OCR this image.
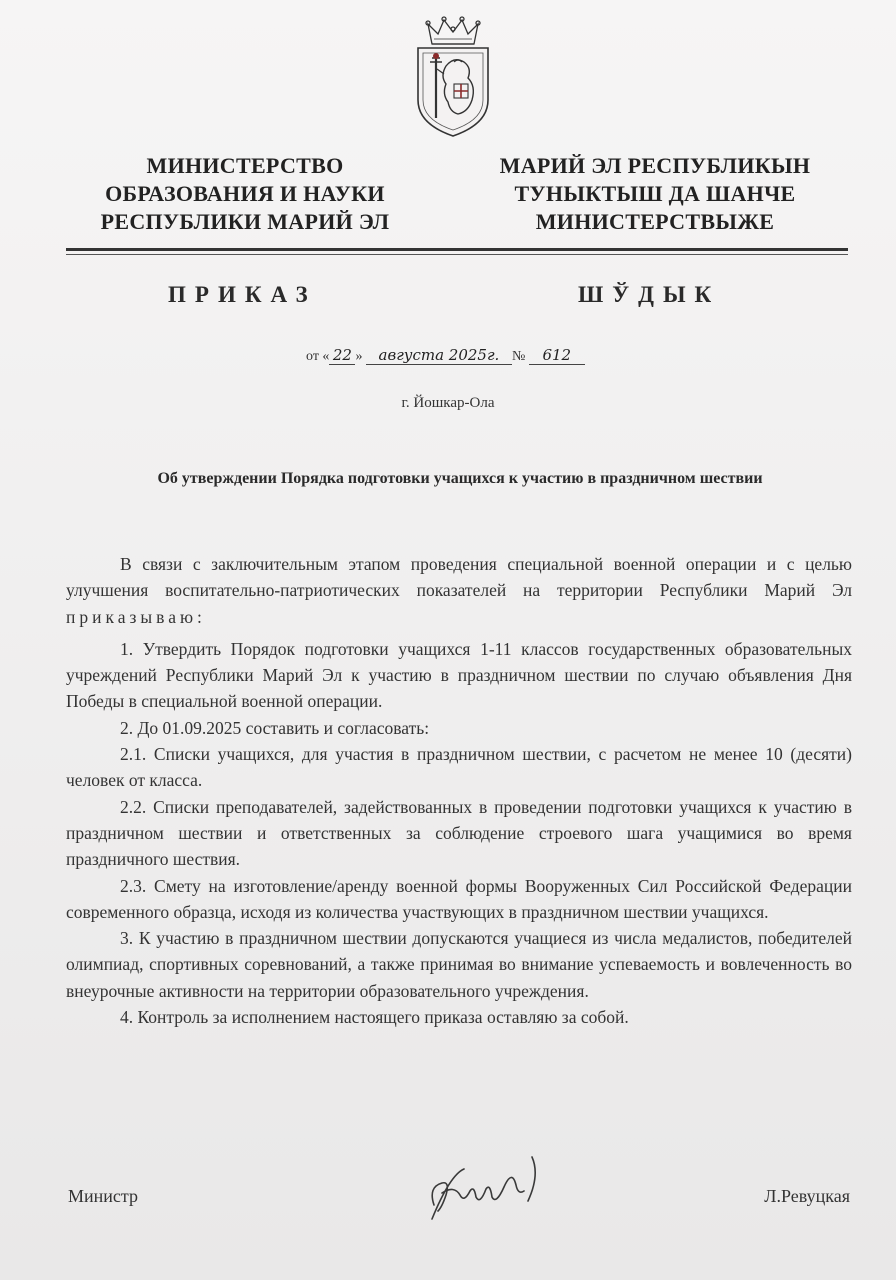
МИНИСТЕРСТВО
ОБРАЗОВАНИЯ И НАУКИ
РЕСПУБЛИКИ МАРИЙ ЭЛ
МАРИЙ ЭЛ РЕСПУБЛИКЫН
ТУНЫКТЫШ ДА ШАНЧЕ
МИНИСТЕРСТВЫЖЕ
ПРИКАЗ	ШЎДЫК
от « 22 » августа 2025г. № 612
г. Йошкар-Ола
Об утверждении Порядка подготовки учащихся к участию в праздничном шествии

В связи с заключительным этапом проведения специальной военной операции и с целью улучшения воспитательно-патриотических показателей на территории Республики Марий Эл приказываю:

1. Утвердить Порядок подготовки учащихся 1-11 классов государственных образовательных учреждений Республики Марий Эл к участию в праздничном шествии по случаю объявления Дня Победы в специальной военной операции.

2. До 01.09.2025 составить и согласовать:

2.1. Списки учащихся, для участия в праздничном шествии, с расчетом не менее 10 (десяти) человек от класса.

2.2. Списки преподавателей, задействованных в проведении подготовки учащихся к участию в праздничном шествии и ответственных за соблюдение строевого шага учащимися во время праздничного шествия.

2.3. Смету на изготовление/аренду военной формы Вооруженных Сил Российской Федерации современного образца, исходя из количества участвующих в праздничном шествии учащихся.

3. К участию в праздничном шествии допускаются учащиеся из числа медалистов, победителей олимпиад, спортивных соревнований, а также принимая во внимание успеваемость и вовлеченность во внеурочные активности на территории образовательного учреждения.

4. Контроль за исполнением настоящего приказа оставляю за собой.

Министр	Л.Ревуцкая
